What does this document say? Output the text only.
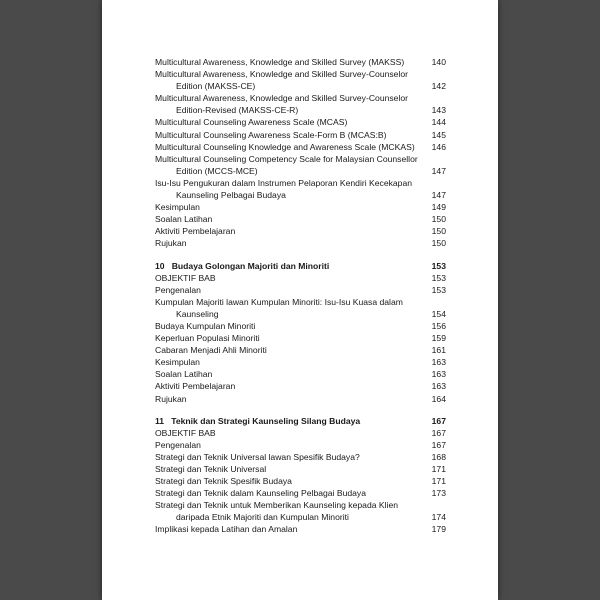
Multicultural Awareness, Knowledge and Skilled Survey (MAKSS)	140
Multicultural Awareness, Knowledge and Skilled Survey-Counselor Edition (MAKSS-CE)	142
Multicultural Awareness, Knowledge and Skilled Survey-Counselor Edition-Revised (MAKSS-CE-R)	143
Multicultural Counseling Awareness Scale (MCAS)	144
Multicultural Counseling Awareness Scale-Form B (MCAS:B)	145
Multicultural Counseling Knowledge and Awareness Scale (MCKAS)	146
Multicultural Counseling Competency Scale for Malaysian Counsellor Edition (MCCS-MCE)	147
Isu-Isu Pengukuran dalam Instrumen Pelaporan Kendiri Kecekapan Kaunseling Pelbagai Budaya	147
Kesimpulan	149
Soalan Latihan	150
Aktiviti Pembelajaran	150
Rujukan	150
10   Budaya Golongan Majoriti dan Minoriti	153
OBJEKTIF BAB	153
Pengenalan	153
Kumpulan Majoriti lawan Kumpulan Minoriti: Isu-Isu Kuasa dalam Kaunseling	154
Budaya Kumpulan Minoriti	156
Keperluan Populasi Minoriti	159
Cabaran Menjadi Ahli Minoriti	161
Kesimpulan	163
Soalan Latihan	163
Aktiviti Pembelajaran	163
Rujukan	164
11   Teknik dan Strategi Kaunseling Silang Budaya	167
OBJEKTIF BAB	167
Pengenalan	167
Strategi dan Teknik Universal lawan Spesifik Budaya?	168
Strategi dan Teknik Universal	171
Strategi dan Teknik Spesifik Budaya	171
Strategi dan Teknik dalam Kaunseling Pelbagai Budaya	173
Strategi dan Teknik untuk Memberikan Kaunseling kepada Klien daripada Etnik Majoriti dan Kumpulan Minoriti	174
Implikasi kepada Latihan dan Amalan	179
